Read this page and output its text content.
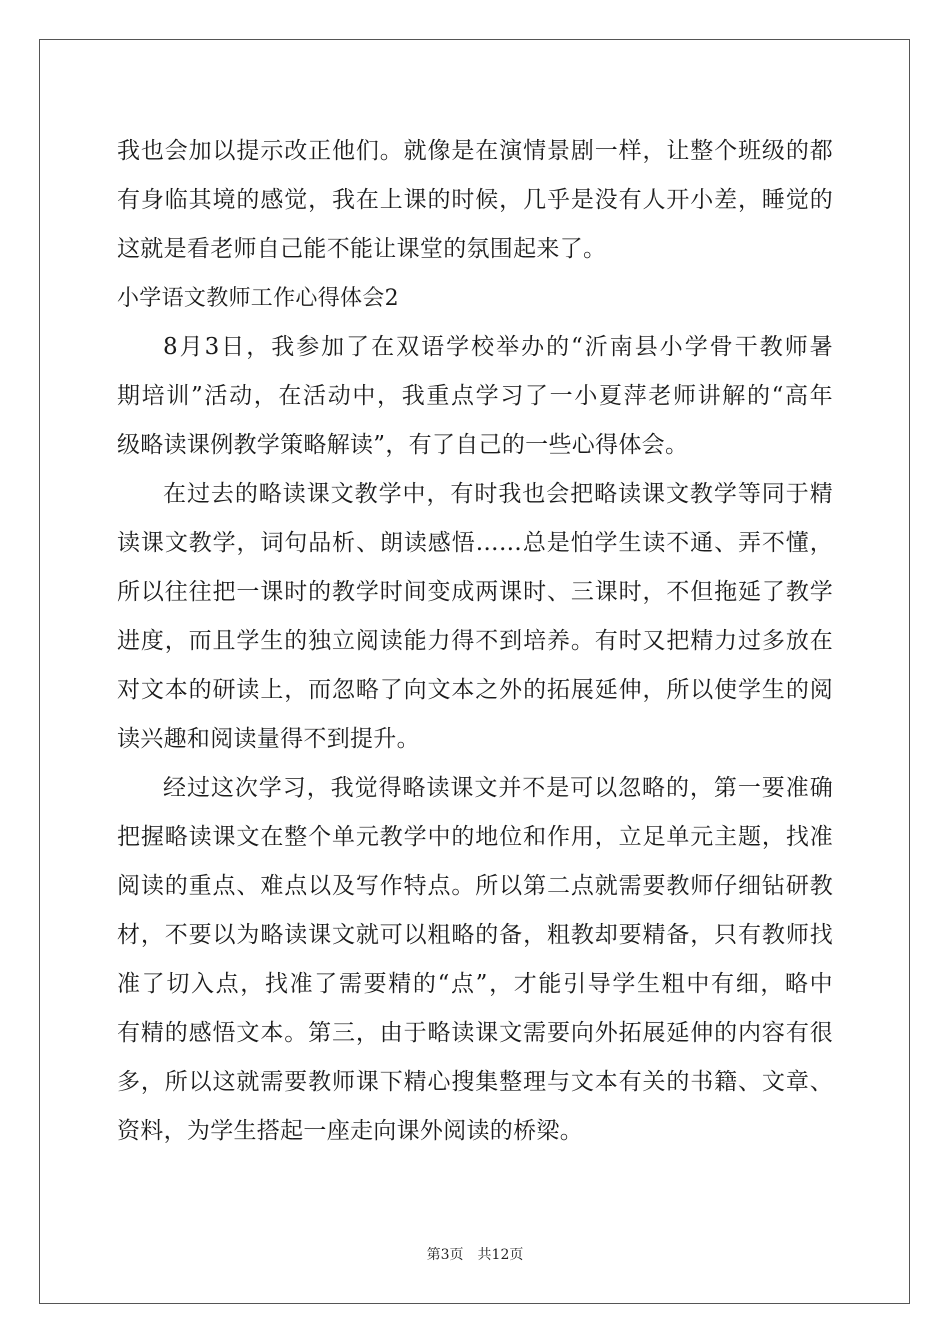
我也会加以提示改正他们。就像是在演情景剧一样，让整个班级的都
有身临其境的感觉，我在上课的时候，几乎是没有人开小差，睡觉的
这就是看老师自己能不能让课堂的氛围起来了。
小学语文教师工作心得体会2
8月3日，我参加了在双语学校举办的“沂南县小学骨干教师暑
期培训”活动，在活动中，我重点学习了一小夏萍老师讲解的“高年
级略读课例教学策略解读”，有了自己的一些心得体会。
在过去的略读课文教学中，有时我也会把略读课文教学等同于精
读课文教学，词句品析、朗读感悟……总是怕学生读不通、弄不懂，
所以往往把一课时的教学时间变成两课时、三课时，不但拖延了教学
进度，而且学生的独立阅读能力得不到培养。有时又把精力过多放在
对文本的研读上，而忽略了向文本之外的拓展延伸，所以使学生的阅
读兴趣和阅读量得不到提升。
经过这次学习，我觉得略读课文并不是可以忽略的，第一要准确
把握略读课文在整个单元教学中的地位和作用，立足单元主题，找准
阅读的重点、难点以及写作特点。所以第二点就需要教师仔细钻研教
材，不要以为略读课文就可以粗略的备，粗教却要精备，只有教师找
准了切入点，找准了需要精的“点”，才能引导学生粗中有细，略中
有精的感悟文本。第三，由于略读课文需要向外拓展延伸的内容有很
多，所以这就需要教师课下精心搜集整理与文本有关的书籍、文章、
资料，为学生搭起一座走向课外阅读的桥梁。
第3页 共12页
